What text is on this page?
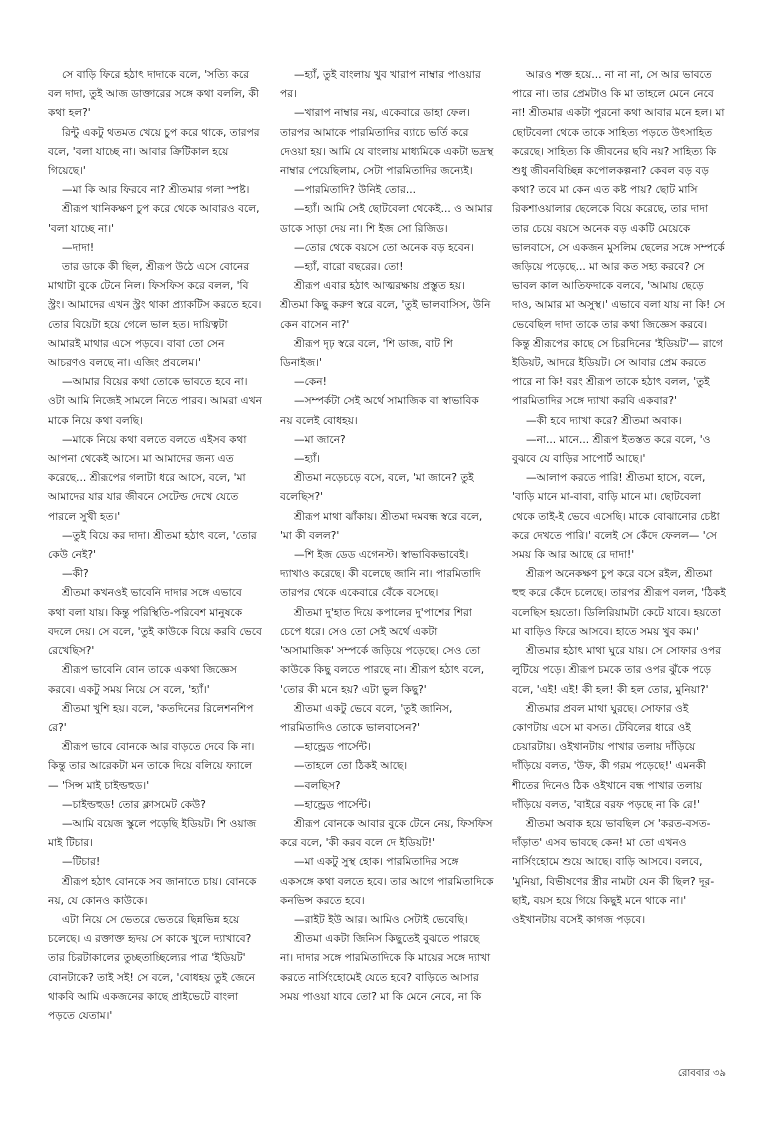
সে বাড়ি ফিরে হঠাৎ দাদাকে বলে, 'সত্যি করে বল দাদা, তুই আজ ডাক্তারের সঙ্গে কথা বললি, কী কথা হল?'

রিন্টু একটু থতমত খেয়ে চুপ করে থাকে, তারপর বলে, 'বলা যাচ্ছে না। আবার ক্রিটিকাল হয়ে গিয়েছে।'

—মা কি আর ফিরবে না? শ্রীতমার গলা স্পষ্ট।

শ্রীরূপ খানিকক্ষণ চুপ করে থেকে আবারও বলে, 'বলা যাচ্ছে না।'

—দাদা!

তার ডাকে কী ছিল, শ্রীরূপ উঠে এসে বোনের মাথাটা বুকে টেনে নিল। ফিসফিস করে বলল, 'বি স্ট্রং। আমাদের এখন স্ট্রং থাকা প্র্যাকটিস করতে হবে। তোর বিয়েটা হয়ে গেলে ভাল হত। দায়িত্বটা আমারই মাথার এসে পড়বে। বাবা তো সেন আচরণও বলছে না। এজিং প্রবলেম।'

—আমার বিয়ের কথা তোকে ভাবতে হবে না। ওটা আমি নিজেই সামলে নিতে পারব। আমরা এখন মাকে নিয়ে কথা বলছি।

—মাকে নিয়ে কথা বলতে বলতে এইসব কথা আপনা থেকেই আসে। মা আমাদের জন্য এত করেছে... শ্রীরূপের গলাটা ধরে আসে, বলে, 'মা আমাদের যার যার জীবনে সেটেল্ড দেখে যেতে পারলে সুখী হত।'

—তুই বিয়ে কর দাদা। শ্রীতমা হঠাৎ বলে, 'তোর কেউ নেই?'

—কী?

শ্রীতমা কখনওই ভাবেনি দাদার সঙ্গে এভাবে কথা বলা যায়। কিন্তু পরিস্থিতি-পরিবেশ মানুষকে বদলে দেয়। সে বলে, 'তুই কাউকে বিয়ে করবি ভেবে রেখেছিস?'

শ্রীরূপ ভাবেনি বোন তাকে একথা জিজ্ঞেস করবে। একটু সময় নিয়ে সে বলে, 'হ্যাঁ।'

শ্রীতমা খুশি হয়। বলে, 'কতদিনের রিলেশনশিপ রে?'

শ্রীরূপ ভাবে বোনকে আর বাড়তে দেবে কি না। কিন্তু তার আরেকটা মন তাকে দিয়ে বলিয়ে ফ্যালে— 'সিন্স মাই চাইল্ডহুড।'

—চাইল্ডহুড! তোর ক্লাসমেট কেউ?

—আমি বয়েজ স্কুলে পড়েছি ইডিয়ট। শি ওয়াজ মাই টিচার।

—টিচার!

শ্রীরূপ হঠাৎ বোনকে সব জানাতে চায়। বোনকে নয়, যে কোনও কাউকে।

এটা নিয়ে সে ভেতরে ভেতরে ছিন্নভিন্ন হয়ে চলেছে। এ রক্তাক্ত হৃদয় সে কাকে খুলে দ্যাখাবে? তার চিরটাকালের তুচ্ছতাচ্ছিল্যের পাত্র 'ইডিয়ট' বোনটাকে? তাই সই! সে বলে, 'বোধহয় তুই জেনে থাকবি আমি একজনের কাছে প্রাইভেটে বাংলা পড়তে যেতাম।'

—হ্যাঁ, তুই বাংলায় খুব খারাপ নাম্বার পাওয়ার পর।

—খারাপ নাম্বার নয়, একেবারে ডাহা ফেল। তারপর আমাকে পারমিতাদির ব্যাচে ভর্তি করে দেওয়া হয়। আমি যে বাংলায় মাধ্যমিকে একটা ভদ্রস্থ নাম্বার পেয়েছিলাম, সেটা পারমিতাদির জন্যেই।

—পারমিতাদি? উনিই তোর...

—হ্যাঁ। আমি সেই ছোটবেলা থেকেই... ও আমার ডাকে সাড়া দেয় না। শি ইজ সো রিজিড।

—তোর থেকে বয়সে তো অনেক বড় হবেন।

—হ্যাঁ, বারো বছরের। তো!

শ্রীরূপ এবার হঠাৎ আত্মরক্ষায় প্রস্তুত হয়। শ্রীতমা কিছু করুণ স্বরে বলে, 'তুই ভালবাসিস, উনি কেন বাসেন না?'

শ্রীরূপ দৃঢ় স্বরে বলে, 'শি ডাজ, বাট শি ডিনাইজ।'

—কেন!

—সম্পর্কটা সেই অর্থে সামাজিক বা স্বাভাবিক নয় বলেই বোধহয়।

—মা জানে?

—হ্যাঁ।

শ্রীতমা নড়েচড়ে বসে, বলে, 'মা জানে? তুই বলেছিস?'

শ্রীরূপ মাথা ঝাঁকায়। শ্রীতমা দমবন্ধ স্বরে বলে, 'মা কী বলল?'

—শি ইজ ডেড এগেনস্ট। স্বাভাবিকভাবেই। দ্যাখাও করেছে। কী বলেছে জানি না। পারমিতাদি তারপর থেকে একেবারে বেঁকে বসেছে।

শ্রীতমা দু'হাত দিয়ে কপালের দু'পাশের শিরা চেপে ধরে। সেও তো সেই অর্থে একটা 'অসামাজিক' সম্পর্কে জড়িয়ে পড়েছে। সেও তো কাউকে কিছু বলতে পারছে না। শ্রীরূপ হঠাৎ বলে, 'তোর কী মনে হয়? এটা ভুল কিছু?'

শ্রীতমা একটু ভেবে বলে, 'তুই জানিস, পারমিতাদিও তোকে ভালবাসেন?'

—হান্ড্রেড পার্সেন্ট।

—তাহলে তো ঠিকই আছে।

—বলছিস?

—হান্ড্রেড পার্সেন্ট।

শ্রীরূপ বোনকে আবার বুকে টেনে নেয়, ফিসফিস করে বলে, 'কী করব বলে দে ইডিয়ট!'

—মা একটু সুস্থ হোক। পারমিতাদির সঙ্গে একসঙ্গে কথা বলতে হবে। তার আগে পারমিতাদিকে কনভিন্স করতে হবে।

—রাইট ইউ আর। আমিও সেটাই ভেবেছি।

শ্রীতমা একটা জিনিস কিছুতেই বুঝতে পারছে না। দাদার সঙ্গে পারমিতাদিকে কি মায়ের সঙ্গে দ্যাখা করতে নার্সিংহোমেই যেতে হবে? বাড়িতে আসার সময় পাওয়া যাবে তো? মা কি মেনে নেবে, না কি

আরও শক্ত হয়ে... না না না, সে আর ভাবতে পারে না। তার প্রেমটাও কি মা তাহলে মেনে নেবে না! শ্রীতমার একটা পুরনো কথা আবার মনে হল। মা ছোটবেলা থেকে তাকে সাহিত্য পড়তে উৎসাহিত করেছে। সাহিত্য কি জীবনের ছবি নয়? সাহিত্য কি শুধু জীবনবিচ্ছিন্ন কপোলকল্পনা? কেবল বড় বড় কথা? তবে মা কেন এত কষ্ট পায়? ছোট মাসি রিকশাওয়ালার ছেলেকে বিয়ে করেছে, তার দাদা তার চেয়ে বয়সে অনেক বড় একটি মেয়েকে ভালবাসে, সে একজন মুসলিম ছেলের সঙ্গে সম্পর্কে জড়িয়ে পড়েছে... মা আর কত সহ্য করবে? সে ভাবল কাল আতিফদাকে বলবে, 'আমায় ছেড়ে দাও, আমার মা অসুস্থ।' এভাবে বলা যায় না কি! সে ভেবেছিল দাদা তাকে তার কথা জিজ্ঞেস করবে। কিন্তু শ্রীরূপের কাছে সে চিরদিনের 'ইডিয়ট'— রাগে ইডিয়ট, আদরে ইডিয়ট। সে আবার প্রেম করতে পারে না কি! বরং শ্রীরূপ তাকে হঠাৎ বলল, 'তুই পারমিতাদির সঙ্গে দ্যাখা করবি একবার?'

—কী হবে দ্যাখা করে? শ্রীতমা অবাক।

—না... মানে... শ্রীরূপ ইতস্তত করে বলে, 'ও বুঝবে যে বাড়ির সাপোর্ট আছে।'

—আলাপ করতে পারি! শ্রীতমা হাসে, বলে, 'বাড়ি মানে মা-বাবা, বাড়ি মানে মা। ছোটবেলা থেকে তাই-ই ভেবে এসেছি। মাকে বোঝানোর চেষ্টা করে দেখতে পারি।' বলেই সে কেঁদে ফেলল— 'সে সময় কি আর আছে রে দাদা!'

শ্রীরূপ অনেকক্ষণ চুপ করে বসে রইল, শ্রীতমা হুহু করে কেঁদে চলেছে। তারপর শ্রীরূপ বলল, 'ঠিকই বলেছিস হয়তো। ডিলিরিয়ামটা কেটে যাবে। হয়তো মা বাড়িও ফিরে আসবে। হাতে সময় খুব কম।'

শ্রীতমার হঠাৎ মাথা ঘুরে যায়। সে সোফার ওপর লুটিয়ে পড়ে। শ্রীরূপ চমকে তার ওপর ঝুঁকে পড়ে বলে, 'এই! এই! কী হল! কী হল তোর, মুনিয়া?'

শ্রীতমার প্রবল মাথা ঘুরছে। সোফার ওই কোণটায় এসে মা বসত। টেবিলের ধারে ওই চেয়ারটায়। ওইখানটায় পাখার তলায় দাঁড়িয়ে দাঁড়িয়ে বলত, 'উফ, কী গরম পড়েছে!' এমনকী শীতের দিনেও ঠিক ওইখানে বন্ধ পাখার তলায় দাঁড়িয়ে বলত, 'বাইরে বরফ পড়ছে না কি রে!'

শ্রীতমা অবাক হয়ে ভাবছিল সে 'করত-বসত-দাঁড়াত' এসব ভাবছে কেন! মা তো এখনও নার্সিংহোমে শুয়ে আছে। বাড়ি আসবে। বলবে, 'মুনিয়া, বিভীষণের স্ত্রীর নামটা যেন কী ছিল? দূর-ছাই, বয়স হয়ে গিয়ে কিছুই মনে থাকে না।' ওইখানটায় বসেই কাগজ পড়বে।

রোববার ৩৯
